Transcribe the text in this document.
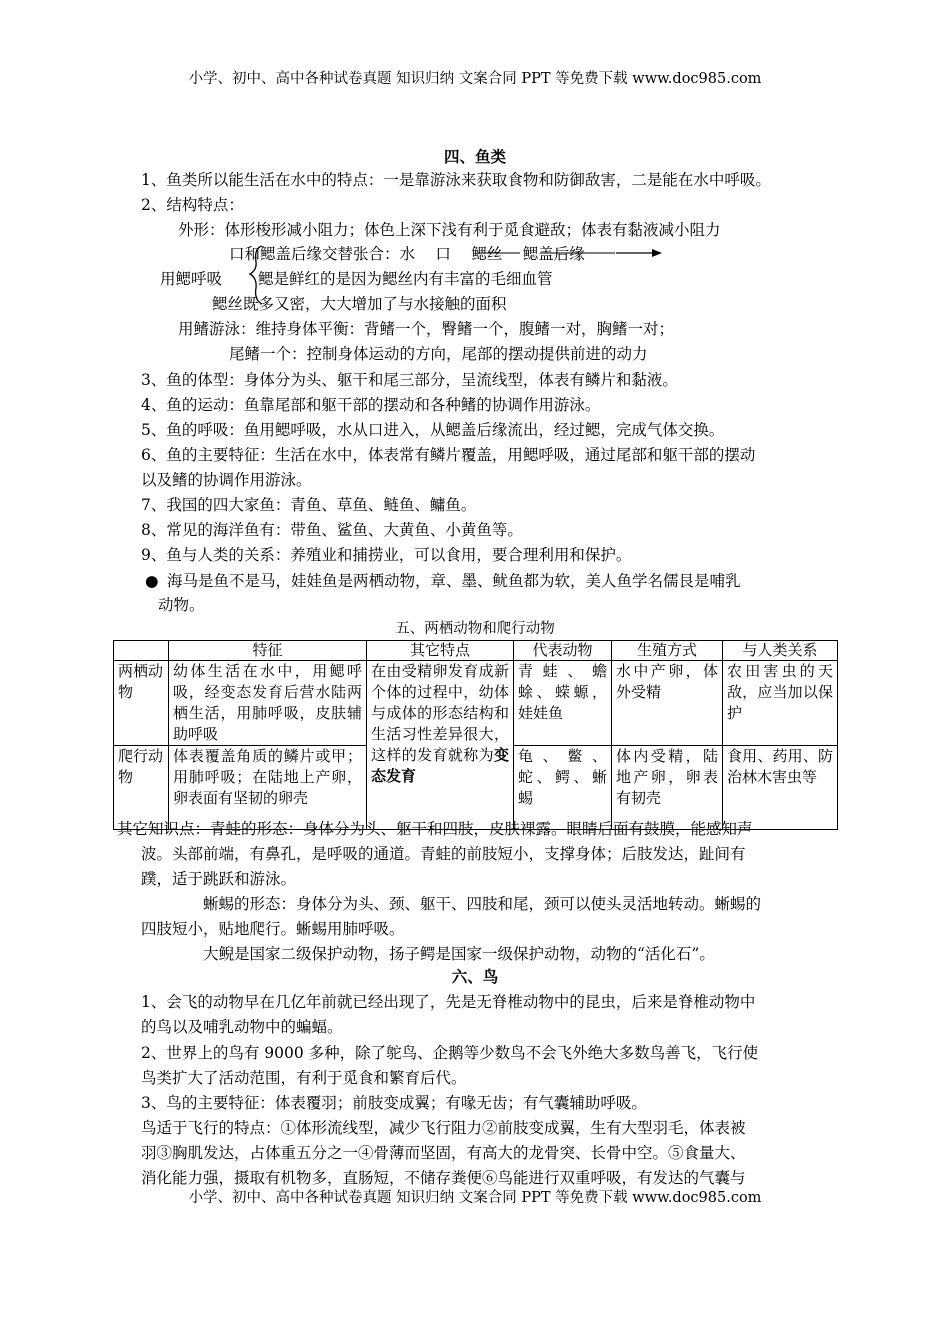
小学、初中、高中各种试卷真题 知识归纳 文案合同 PPT 等免费下载 www.doc985.com
四、鱼类
1、鱼类所以能生活在水中的特点：一是靠游泳来获取食物和防御敌害，二是能在水中呼吸。
2、结构特点：
外形：体形梭形减小阻力；体色上深下浅有利于觅食避敌；体表有黏液减小阻力
口和鳃盖后缘交替张合：水　 口　 鳃丝　 鳃盖后缘
用鳃呼吸 鳃是鲜红的是因为鳃丝内有丰富的毛细血管
鳃丝既多又密，大大增加了与水接触的面积
用鳍游泳：维持身体平衡：背鳍一个，臀鳍一个，腹鳍一对，胸鳍一对；
尾鳍一个：控制身体运动的方向，尾部的摆动提供前进的动力
3、鱼的体型：身体分为头、躯干和尾三部分，呈流线型，体表有鳞片和黏液。
4、鱼的运动：鱼靠尾部和躯干部的摆动和各种鳍的协调作用游泳。
5、鱼的呼吸：鱼用鳃呼吸，水从口进入，从鳃盖后缘流出，经过鳃，完成气体交换。
6、鱼的主要特征：生活在水中，体表常有鳞片覆盖，用鳃呼吸，通过尾部和躯干部的摆动
以及鳍的协调作用游泳。
7、我国的四大家鱼：青鱼、草鱼、鲢鱼、鳙鱼。
8、常见的海洋鱼有：带鱼、鲨鱼、大黄鱼、小黄鱼等。
9、鱼与人类的关系：养殖业和捕捞业，可以食用，要合理利用和保护。
● 海马是鱼不是马，娃娃鱼是两栖动物，章、墨、鱿鱼都为软，美人鱼学名儒艮是哺乳
动物。
五、两栖动物和爬行动物
	特征	其它特点	代表动物	生殖方式	与人类关系
两栖动物	幼体生活在水中，用鳃呼吸，经变态发育后营水陆两栖生活，用肺呼吸，皮肤辅助呼吸	在由受精卵发育成新个体的过程中，幼体与成体的形态结构和生活习性差异很大，这样的发育就称为变态发育	青蛙、蟾蜍、蝾螈，娃娃鱼	水中产卵，体外受精	农田害虫的天敌，应当加以保护
爬行动物	体表覆盖角质的鳞片或甲；用肺呼吸；在陆地上产卵，卵表面有坚韧的卵壳		龟、鳖、蛇、鳄、蜥蜴	体内受精，陆地产卵，卵表有韧壳	食用、药用、防治林木害虫等
其它知识点：青蛙的形态：身体分为头、躯干和四肢，皮肤裸露。眼睛后面有鼓膜，能感知声
波。头部前端，有鼻孔，是呼吸的通道。青蛙的前肢短小，支撑身体；后肢发达，趾间有
蹼，适于跳跃和游泳。
蜥蜴的形态：身体分为头、颈、躯干、四肢和尾，颈可以使头灵活地转动。蜥蜴的
四肢短小，贴地爬行。蜥蜴用肺呼吸。
大鲵是国家二级保护动物，扬子鳄是国家一级保护动物，动物的“活化石”。
六、鸟
1、会飞的动物早在几亿年前就已经出现了，先是无脊椎动物中的昆虫，后来是脊椎动物中
的鸟以及哺乳动物中的蝙蝠。
2、世界上的鸟有 9000 多种，除了鸵鸟、企鹅等少数鸟不会飞外绝大多数鸟善飞，飞行使
鸟类扩大了活动范围，有利于觅食和繁育后代。
3、鸟的主要特征：体表覆羽；前肢变成翼；有喙无齿；有气囊辅助呼吸。
鸟适于飞行的特点：①体形流线型，减少飞行阻力②前肢变成翼，生有大型羽毛，体表被
羽③胸肌发达，占体重五分之一④骨薄而坚固，有高大的龙骨突、长骨中空。⑤食量大、
消化能力强，摄取有机物多，直肠短，不储存粪便⑥鸟能进行双重呼吸，有发达的气囊与
小学、初中、高中各种试卷真题 知识归纳 文案合同 PPT 等免费下载 www.doc985.com
